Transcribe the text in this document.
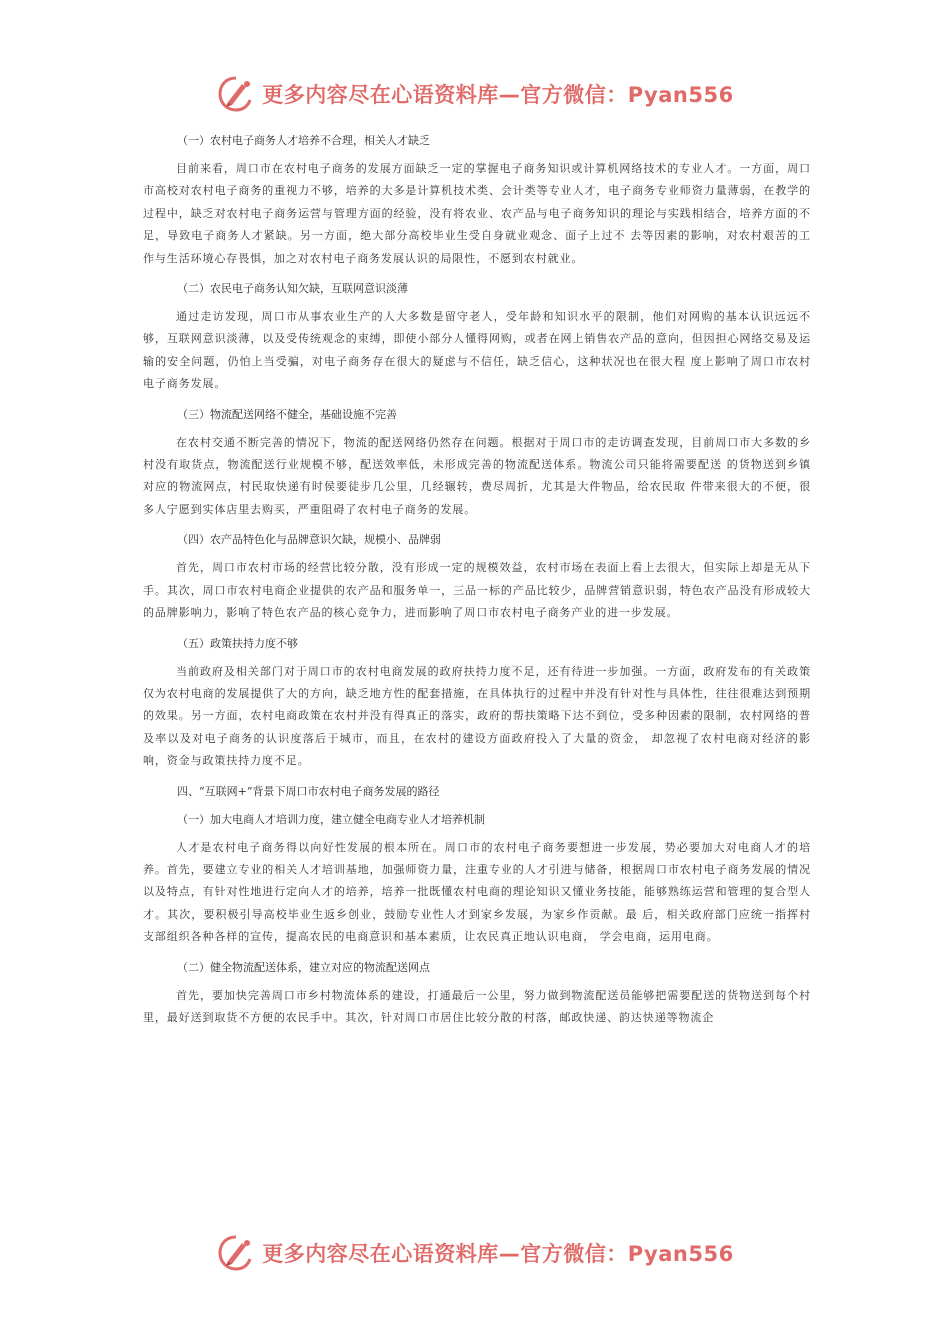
更多内容尽在心语资料库—官方微信：Pyan556
（一）农村电子商务人才培养不合理，相关人才缺乏
目前来看，周口市在农村电子商务的发展方面缺乏一定的掌握电子商务知识或计算机网络技术的专业人才。一方面，周口市高校对农村电子商务的重视力不够，培养的大多是计算机技术类、会计类等专业人才，电子商务专业师资力量薄弱，在教学的过程中，缺乏对农村电子商务运营与管理方面的经验，没有将农业、农产品与电子商务知识的理论与实践相结合，培养方面的不足，导致电子商务人才紧缺。另一方面，绝大部分高校毕业生受自身就业观念、面子上过不 去等因素的影响，对农村艰苦的工作与生活环境心存畏惧，加之对农村电子商务发展认识的局限性，不愿到农村就业。
（二）农民电子商务认知欠缺，互联网意识淡薄
通过走访发现，周口市从事农业生产的人大多数是留守老人，受年龄和知识水平的限制，他们对网购的基本认识远远不够，互联网意识淡薄，以及受传统观念的束缚，即使小部分人懂得网购，或者在网上销售农产品的意向，但因担心网络交易及运输的安全问题，仍怕上当受骗，对电子商务存在很大的疑虑与不信任，缺乏信心，这种状况也在很大程 度上影响了周口市农村电子商务发展。
（三）物流配送网络不健全，基础设施不完善
在农村交通不断完善的情况下，物流的配送网络仍然存在问题。根据对于周口市的走访调查发现，目前周口市大多数的乡村没有取货点，物流配送行业规模不够，配送效率低，未形成完善的物流配送体系。物流公司只能将需要配送 的货物送到乡镇对应的物流网点，村民取快递有时侯要徒步几公里，几经辗转，费尽周折，尤其是大件物品，给农民取 件带来很大的不便，很多人宁愿到实体店里去购买，严重阻碍了农村电子商务的发展。
（四）农产品特色化与品牌意识欠缺，规模小、品牌弱
首先，周口市农村市场的经营比较分散，没有形成一定的规模效益，农村市场在表面上看上去很大，但实际上却是无从下手。其次，周口市农村电商企业提供的农产品和服务单一，三品一标的产品比较少，品牌营销意识弱，特色农产品没有形成较大的品牌影响力，影响了特色农产品的核心竞争力，进而影响了周口市农村电子商务产业的进一步发展。
（五）政策扶持力度不够
当前政府及相关部门对于周口市的农村电商发展的政府扶持力度不足，还有待进一步加强。一方面，政府发布的有关政策仅为农村电商的发展提供了大的方向，缺乏地方性的配套措施，在具体执行的过程中并没有针对性与具体性，往往很难达到预期的效果。另一方面，农村电商政策在农村并没有得真正的落实，政府的帮扶策略下达不到位，受多种因素的限制，农村网络的普及率以及对电子商务的认识度落后于城市，而且，在农村的建设方面政府投入了大量的资金， 却忽视了农村电商对经济的影响，资金与政策扶持力度不足。
四、“互联网+”背景下周口市农村电子商务发展的路径
（一）加大电商人才培训力度，建立健全电商专业人才培养机制
人才是农村电子商务得以向好性发展的根本所在。周口市的农村电子商务要想进一步发展，势必要加大对电商人才的培养。首先，要建立专业的相关人才培训基地，加强师资力量，注重专业的人才引进与储备，根据周口市农村电子商务发展的情况以及特点，有针对性地进行定向人才的培养，培养一批既懂农村电商的理论知识又懂业务技能，能够熟练运营和管理的复合型人才。其次，要积极引导高校毕业生返乡创业，鼓励专业性人才到家乡发展，为家乡作贡献。最 后，相关政府部门应统一指挥村支部组织各种各样的宣传，提高农民的电商意识和基本素质，让农民真正地认识电商， 学会电商，运用电商。
（二）健全物流配送体系，建立对应的物流配送网点
首先，要加快完善周口市乡村物流体系的建设，打通最后一公里，努力做到物流配送员能够把需要配送的货物送到每个村里，最好送到取货不方便的农民手中。其次，针对周口市居住比较分散的村落，邮政快递、韵达快递等物流企
更多内容尽在心语资料库—官方微信：Pyan556
